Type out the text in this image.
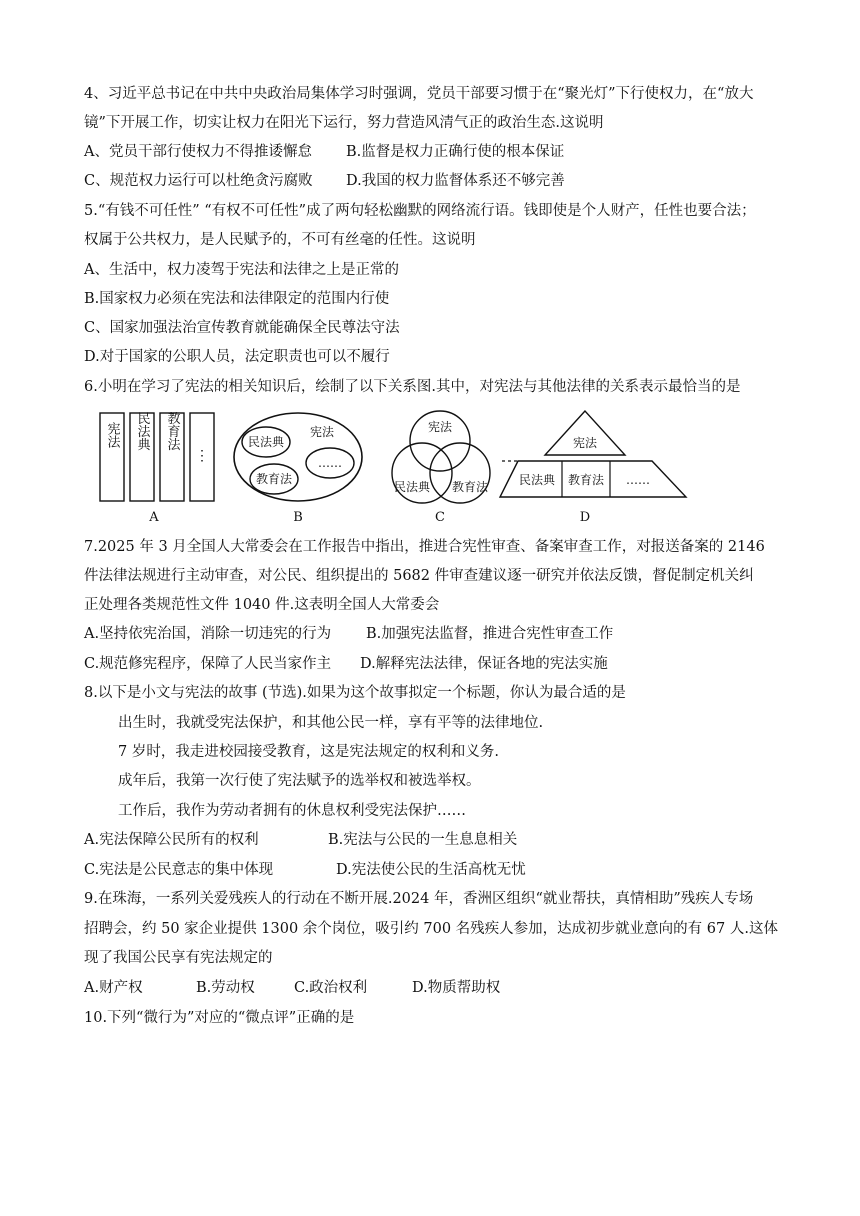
4、习近平总书记在中共中央政治局集体学习时强调，党员干部要习惯于在“聚光灯”下行使权力，在“放大
镜”下开展工作，切实让权力在阳光下运行，努力营造风清气正的政治生态.这说明
A、党员干部行使权力不得推诿懈怠 B.监督是权力正确行使的根本保证
C、规范权力运行可以杜绝贪污腐败 D.我国的权力监督体系还不够完善
5.“有钱不可任性” “有权不可任性”成了两句轻松幽默的网络流行语。钱即使是个人财产，任性也要合法；
权属于公共权力，是人民赋予的，不可有丝毫的任性。这说明
A、生活中，权力凌驾于宪法和法律之上是正常的
B.国家权力必须在宪法和法律限定的范围内行使
C、国家加强法治宣传教育就能确保全民尊法守法
D.对于国家的公职人员，法定职责也可以不履行
6.小明在学习了宪法的相关知识后，绘制了以下关系图.其中，对宪法与其他法律的关系表示最恰当的是
宪法 民法典 教育法
⋮
A
民法典
宪法
……
教育法
B
宪法
民法典 教育法
C
宪法
民法典 教育法 ……
D
7.2025 年 3 月全国人大常委会在工作报告中指出，推进合宪性审查、备案审查工作，对报送备案的 2146
件法律法规进行主动审查，对公民、组织提出的 5682 件审查建议逐一研究并依法反馈，督促制定机关纠
正处理各类规范性文件 1040 件.这表明全国人大常委会
A.坚持依宪治国，消除一切违宪的行为 B.加强宪法监督，推进合宪性审查工作
C.规范修宪程序，保障了人民当家作主 D.解释宪法法律，保证各地的宪法实施
8.以下是小文与宪法的故事 (节选).如果为这个故事拟定一个标题，你认为最合适的是
出生时，我就受宪法保护，和其他公民一样，享有平等的法律地位.
7 岁时，我走进校园接受教育，这是宪法规定的权利和义务.
成年后，我第一次行使了宪法赋予的选举权和被选举权。
工作后，我作为劳动者拥有的休息权利受宪法保护……
A.宪法保障公民所有的权利	B.宪法与公民的一生息息相关
C.宪法是公民意志的集中体现	D.宪法使公民的生活高枕无忧
9.在珠海，一系列关爱残疾人的行动在不断开展.2024 年，香洲区组织“就业帮扶，真情相助”残疾人专场
招聘会，约 50 家企业提供 1300 余个岗位，吸引约 700 名残疾人参加，达成初步就业意向的有 67 人.这体
现了我国公民享有宪法规定的
A.财产权	B.劳动权	C.政治权利	D.物质帮助权
10.下列“微行为”对应的“微点评”正确的是
